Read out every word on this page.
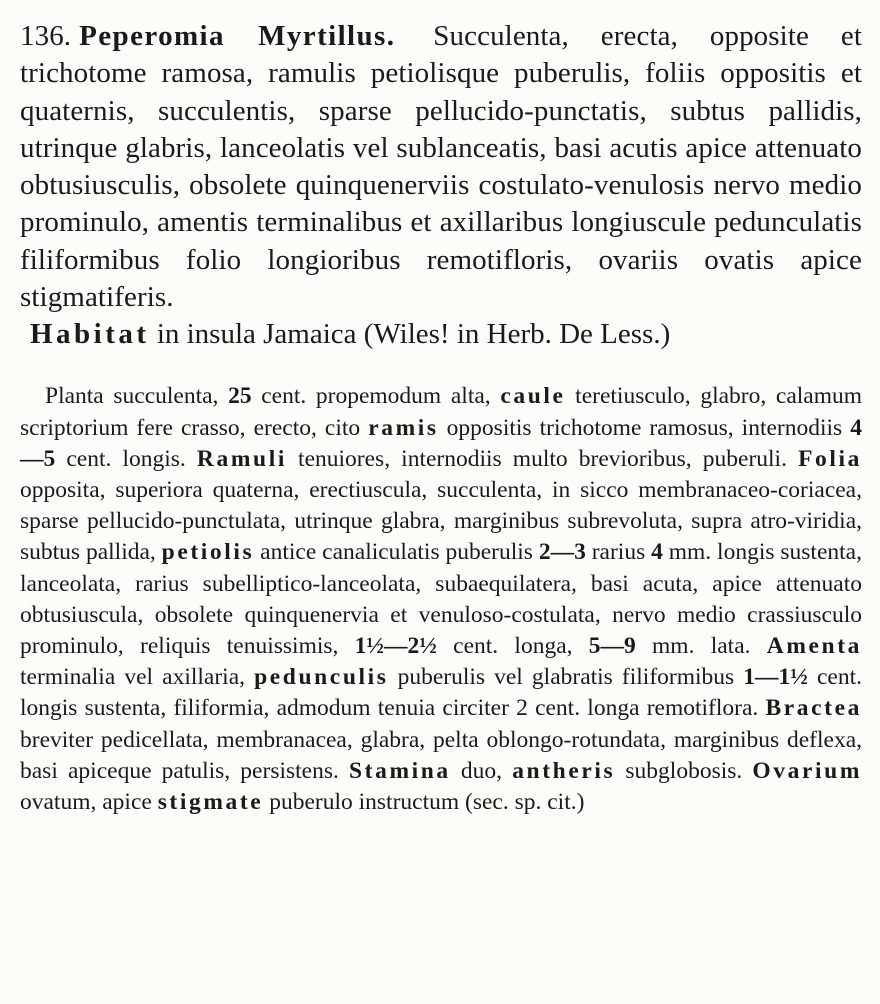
136. Peperomia Myrtillus. Succulenta, erecta, opposite et trichotome ramosa, ramulis petiolisque puberulis, foliis oppositis et quaternis, succulentis, sparse pellucido-punctatis, subtus pallidis, utrinque glabris, lanceolatis vel sublanceatis, basi acutis apice attenuato obtusiusculis, obsolete quinquenerviis costulato-venulosis nervo medio prominulo, amentis terminalibus et axillaribus longiuscule pedunculatis filiformibus folio longioribus remotifloris, ovariis ovatis apice stigmatiferis.

Habitat in insula Jamaica (Wiles! in Herb. De Less.)

Planta succulenta, 25 cent. propemodum alta, caule teretiusculo, glabro, calamum scriptorium fere crasso, erecto, cito ramis oppositis trichotome ramosus, internodiis 4—5 cent. longis. Ramuli tenuiores, internodiis multo brevioribus, puberuli. Folia opposita, superiora quaterna, erectiuscula, succulenta, in sicco membranaceo-coriacea, sparse pellucido-punctulata, utrinque glabra, marginibus subrevoluta, supra atro-viridia, subtus pallida, petiolis antice canaliculatis puberulis 2—3 rarius 4 mm. longis sustenta, lanceolata, rarius subelliptico-lanceolata, subaequilatera, basi acuta, apice attenuato obtusiuscula, obsolete quinquenervia et venuloso-costulata, nervo medio crassiusculo prominulo, reliquis tenuissimis, 1½—2½ cent. longa, 5—9 mm. lata. Amenta terminalia vel axillaria, pedunculis puberulis vel glabratis filiformibus 1—1½ cent. longis sustenta, filiformia, admodum tenuia circiter 2 cent. longa remotiflora. Bractea breviter pedicellata, membranacea, glabra, pelta oblongo-rotundata, marginibus deflexa, basi apiceque patulis, persistens. Stamina duo, antheris subglobosis. Ovarium ovatum, apice stigmate puberulo instructum (sec. sp. cit.)
